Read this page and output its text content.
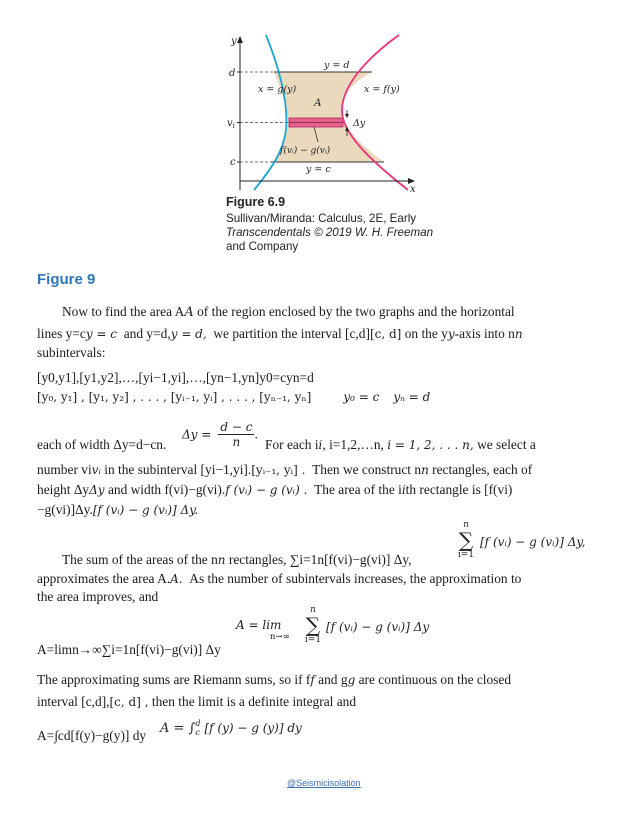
y
x
d
$v_i$
c
y = d
x = g(y)	x = f(y)
A
Δy
f(vᵢ) − g(vᵢ)
y = c
Figure 6.9
Sullivan/Miranda: Calculus, 2E, Early
Transcendentals © 2019 W. H. Freeman
and Company
Figure 9
Now to find the area AA of the region enclosed by the two graphs and the horizontal
lines y=cy = c and y=d,y = d, we partition the interval [c,d][c, d] on the yy-axis into nn
subintervals:
[y0,y1],[y1,y2],…,[yi−1,yi],…,[yn−1,yn]y0=cyn=d
[y₀, y₁] , [y₁, y₂] , . . . , [yᵢ₋₁, yᵢ] , . . . , [yₙ₋₁, yₙ]	y₀ = c yₙ = d
each of width Δy=d−cn.
$\Delta y = \frac{d - c}{n}$ .
For each ii, i=1,2,…n, i = 1, 2, . . . n, we select a
number vivᵢ in the subinterval [yi−1,yi].[yᵢ₋₁, yᵢ] . Then we construct nn rectangles, each of
height ΔyΔy and width f(vi)−g(vi).f (vᵢ) − g (vᵢ) . The area of the iith rectangle is [f(vi)
−g(vi)]Δy.[f (vᵢ) − g (vᵢ)] Δy.
n
∑
i=1
[f (vᵢ) − g (vᵢ)] Δy,
The sum of the areas of the nn rectangles, ∑i=1n[f(vi)−g(vi)] Δy,
approximates the area A.A. As the number of subintervals increases, the approximation to
the area improves, and
A = lim
n→∞
n
∑
i=1
[f (vᵢ) − g (vᵢ)] Δy
A=limn→∞∑i=1n[f(vi)−g(vi)] Δy
The approximating sums are Riemann sums, so if ff and gg are continuous on the closed
interval [c,d],[c, d] , then the limit is a definite integral and
A=∫cd[f(y)−g(y)] dy A = ∫ d
c [f (y) − g (y)] dy
@Seismicisolation
